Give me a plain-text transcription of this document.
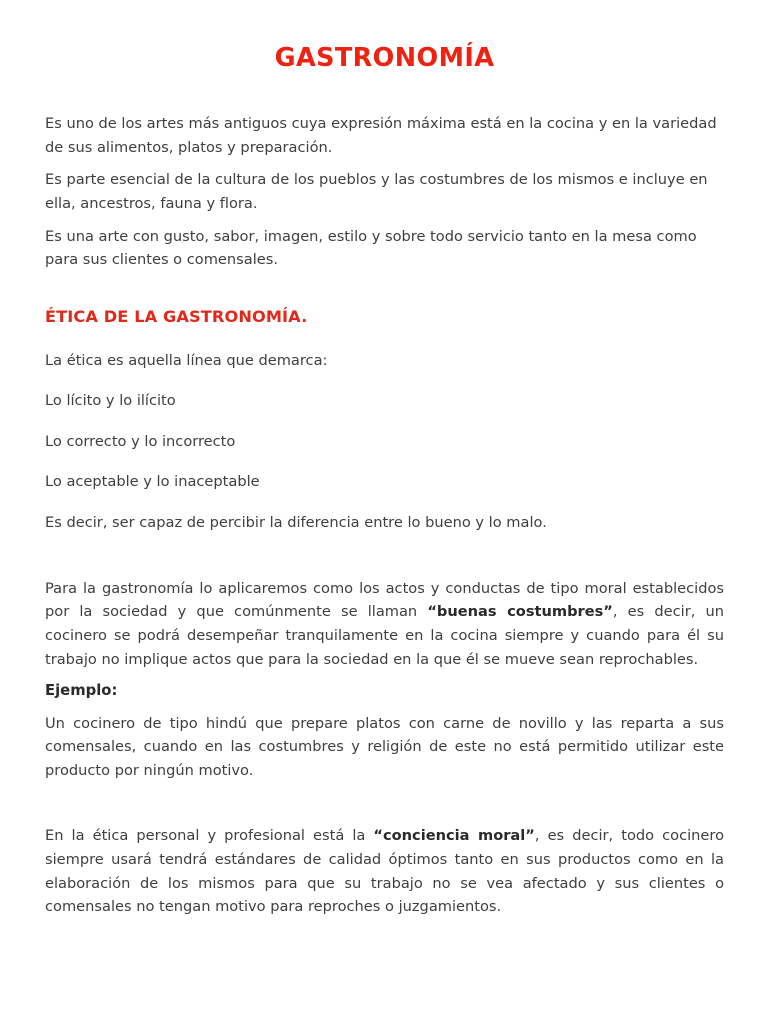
GASTRONOMÍA

Es uno de los artes más antiguos cuya expresión máxima está en la cocina y en la variedad de sus alimentos, platos y preparación.

Es parte esencial de la cultura de los pueblos y las costumbres de los mismos e incluye en ella, ancestros, fauna y flora.

Es una arte con gusto, sabor, imagen, estilo y sobre todo servicio tanto en la mesa como para sus clientes o comensales.

ÉTICA DE LA GASTRONOMÍA.

La ética es aquella línea que demarca:

Lo lícito y lo ilícito

Lo correcto y lo incorrecto

Lo aceptable y lo inaceptable

Es decir, ser capaz de percibir la diferencia entre lo bueno y lo malo.

Para la gastronomía lo aplicaremos como los actos y conductas de tipo moral establecidos por la sociedad y que comúnmente se llaman “buenas costumbres”, es decir, un cocinero se podrá desempeñar tranquilamente en la cocina siempre y cuando para él su trabajo no implique actos que para la sociedad en la que él se mueve sean reprochables.

Ejemplo:

Un cocinero de tipo hindú que prepare platos con carne de novillo y las reparta a sus comensales, cuando en las costumbres y religión de este no está permitido utilizar este producto por ningún motivo.

En la ética personal y profesional está la “conciencia moral”, es decir, todo cocinero siempre usará tendrá estándares de calidad óptimos tanto en sus productos como en la elaboración de los mismos para que su trabajo no se vea afectado y sus clientes o comensales no tengan motivo para reproches o juzgamientos.
